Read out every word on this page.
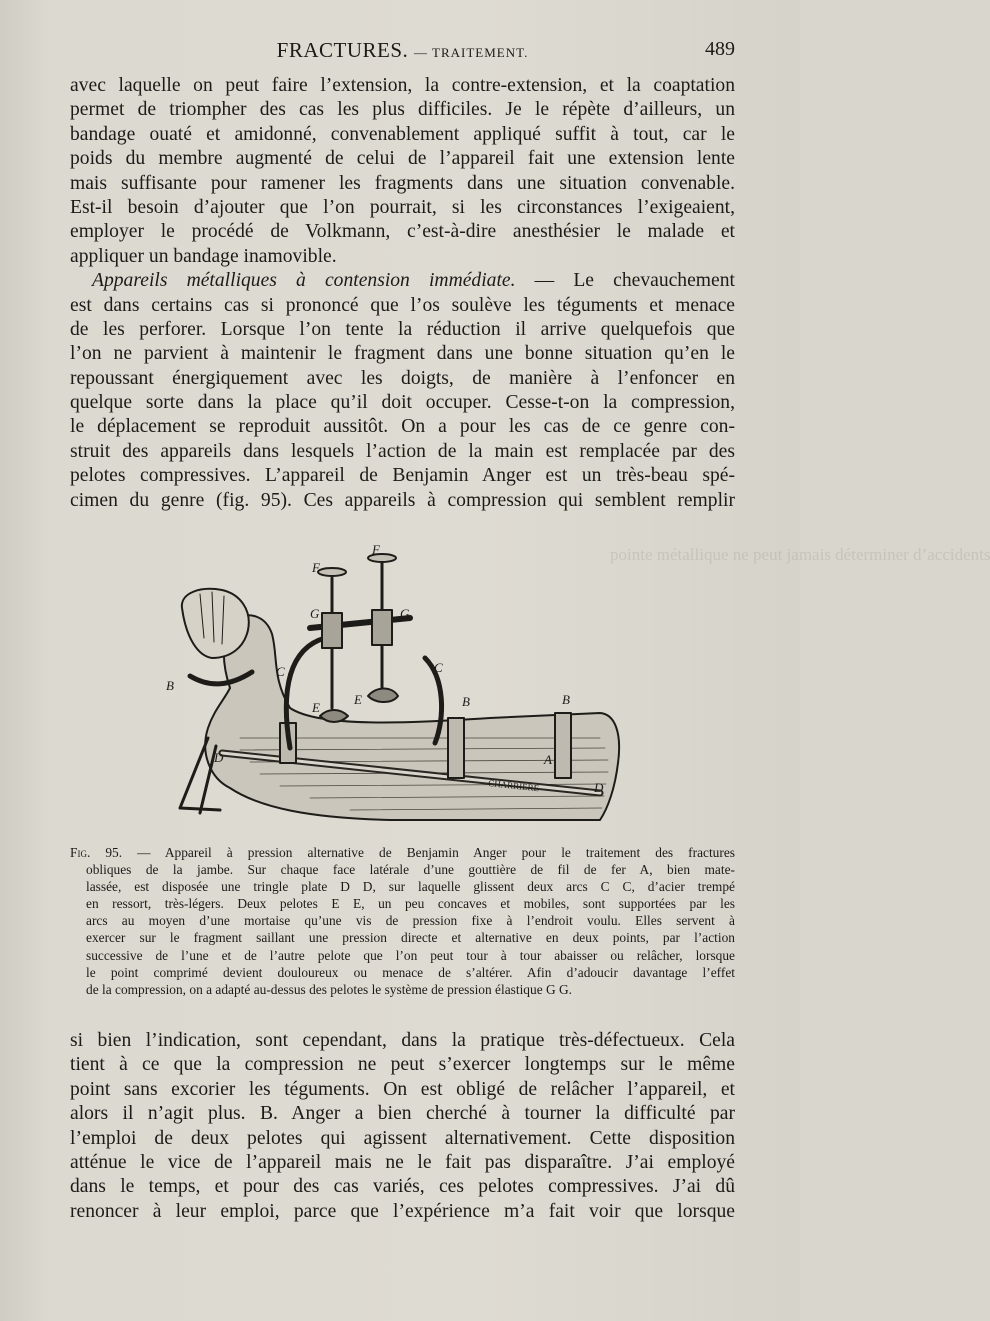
pointe métallique ne peut jamais déterminer d’accidents
FRACTURES. — TRAITEMENT.	489
avec laquelle on peut faire l’extension, la contre-extension, et la coaptation
permet de triompher des cas les plus difficiles. Je le répète d’ailleurs, un
bandage ouaté et amidonné, convenablement appliqué suffit à tout, car le
poids du membre augmenté de celui de l’appareil fait une extension lente
mais suffisante pour ramener les fragments dans une situation convenable.
Est-il besoin d’ajouter que l’on pourrait, si les circonstances l’exigeaient,
employer le procédé de Volkmann, c’est-à-dire anesthésier le malade et
appliquer un bandage inamovible.
Appareils métalliques à contension immédiate. — Le chevauchement
est dans certains cas si prononcé que l’os soulève les téguments et menace
de les perforer. Lorsque l’on tente la réduction il arrive quelquefois que
l’on ne parvient à maintenir le fragment dans une bonne situation qu’en le
repoussant énergiquement avec les doigts, de manière à l’enfoncer en
quelque sorte dans la place qu’il doit occuper. Cesse-t-on la compression,
le déplacement se reproduit aussitôt. On a pour les cas de ce genre con-
struit des appareils dans lesquels l’action de la main est remplacée par des
pelotes compressives. L’appareil de Benjamin Anger est un très-beau spé-
cimen du genre (fig. 95). Ces appareils à compression qui semblent remplir
F
F
G	G
C	C
E
E
B
B	B
D
D
A
CHARRIERE
Fig. 95. — Appareil à pression alternative de Benjamin Anger pour le traitement des fractures
obliques de la jambe. Sur chaque face latérale d’une gouttière de fil de fer A, bien mate-
lassée, est disposée une tringle plate D D, sur laquelle glissent deux arcs C C, d’acier trempé
en ressort, très-légers. Deux pelotes E E, un peu concaves et mobiles, sont supportées par les
arcs au moyen d’une mortaise qu’une vis de pression fixe à l’endroit voulu. Elles servent à
exercer sur le fragment saillant une pression directe et alternative en deux points, par l’action
successive de l’une et de l’autre pelote que l’on peut tour à tour abaisser ou relâcher, lorsque
le point comprimé devient douloureux ou menace de s’altérer. Afin d’adoucir davantage l’effet
de la compression, on a adapté au-dessus des pelotes le système de pression élastique G G.
si bien l’indication, sont cependant, dans la pratique très-défectueux. Cela
tient à ce que la compression ne peut s’exercer longtemps sur le même
point sans excorier les téguments. On est obligé de relâcher l’appareil, et
alors il n’agit plus. B. Anger a bien cherché à tourner la difficulté par
l’emploi de deux pelotes qui agissent alternativement. Cette disposition
atténue le vice de l’appareil mais ne le fait pas disparaître. J’ai employé
dans le temps, et pour des cas variés, ces pelotes compressives. J’ai dû
renoncer à leur emploi, parce que l’expérience m’a fait voir que lorsque
